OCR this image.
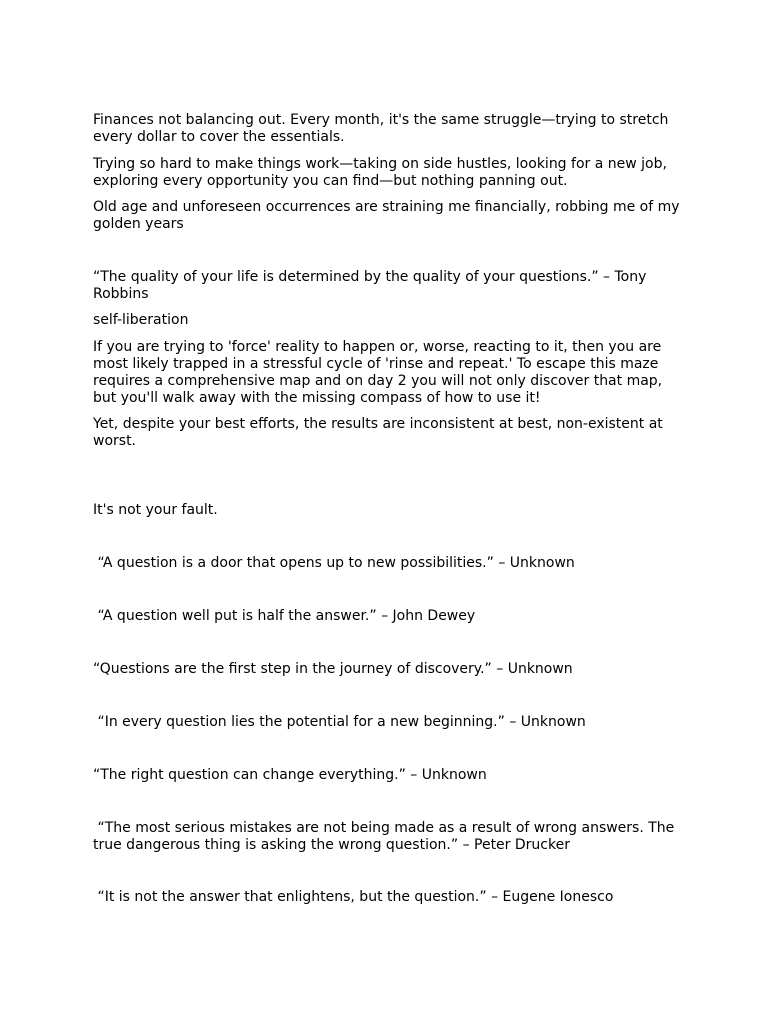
Finances not balancing out. Every month, it's the same struggle—trying to stretch every dollar to cover the essentials.

Trying so hard to make things work—taking on side hustles, looking for a new job, exploring every opportunity you can find—but nothing panning out.

Old age and unforeseen occurrences are straining me financially, robbing me of my golden years

“The quality of your life is determined by the quality of your questions.” – Tony Robbins

self-liberation

If you are trying to 'force' reality to happen or, worse, reacting to it, then you are most likely trapped in a stressful cycle of 'rinse and repeat.' To escape this maze requires a comprehensive map and on day 2 you will not only discover that map, but you'll walk away with the missing compass of how to use it!

Yet, despite your best efforts, the results are inconsistent at best, non-existent at worst.

It's not your fault.

“A question is a door that opens up to new possibilities.” – Unknown

“A question well put is half the answer.” – John Dewey

“Questions are the first step in the journey of discovery.” – Unknown

“In every question lies the potential for a new beginning.” – Unknown

“The right question can change everything.” – Unknown

“The most serious mistakes are not being made as a result of wrong answers. The true dangerous thing is asking the wrong question.” – Peter Drucker

“It is not the answer that enlightens, but the question.” – Eugene Ionesco
